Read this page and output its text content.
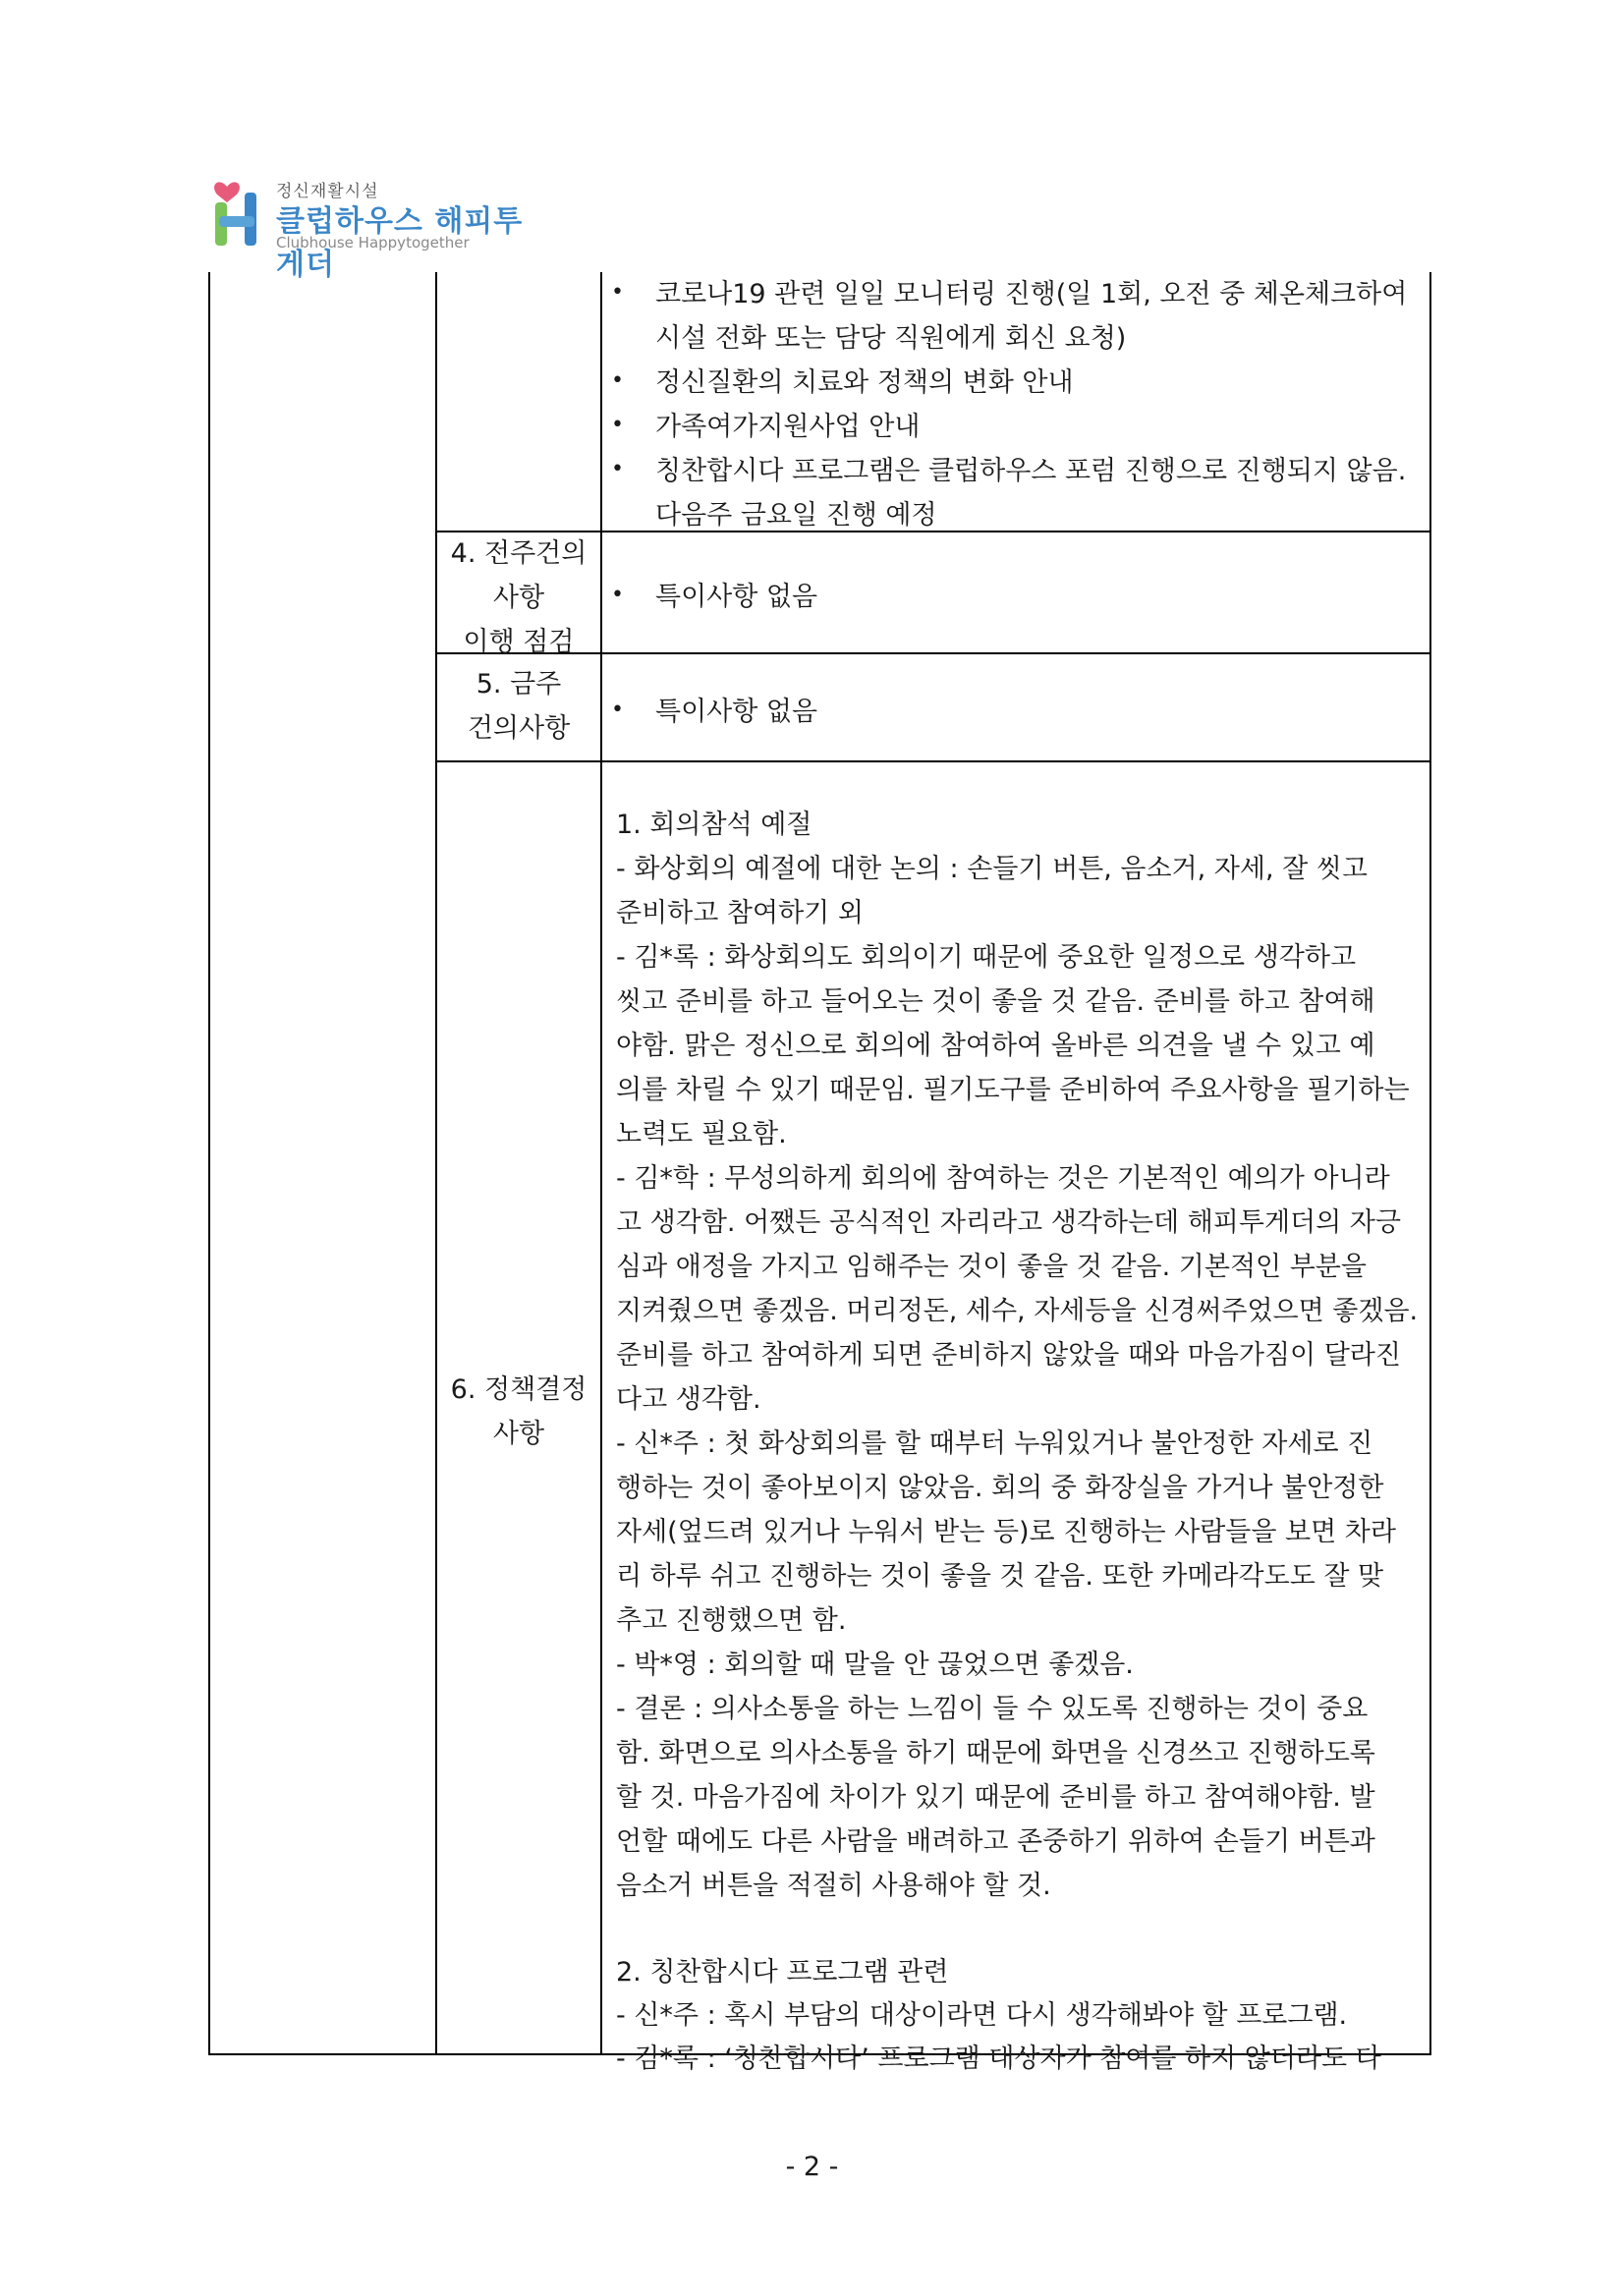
정신재활시설
클럽하우스 해피투게더
Clubhouse Happytogether
• 코로나19 관련 일일 모니터링 진행(일 1회, 오전 중 체온체크하여
시설 전화 또는 담당 직원에게 회신 요청)
• 정신질환의 치료와 정책의 변화 안내
• 가족여가지원사업 안내
• 칭찬합시다 프로그램은 클럽하우스 포럼 진행으로 진행되지 않음.
다음주 금요일 진행 예정
4. 전주건의
사항
이행 점검
• 특이사항 없음
5. 금주
건의사항
• 특이사항 없음
6. 정책결정
사항
1. 회의참석 예절
- 화상회의 예절에 대한 논의 : 손들기 버튼, 음소거, 자세, 잘 씻고
준비하고 참여하기 외
- 김*록 : 화상회의도 회의이기 때문에 중요한 일정으로 생각하고
씻고 준비를 하고 들어오는 것이 좋을 것 같음. 준비를 하고 참여해
야함. 맑은 정신으로 회의에 참여하여 올바른 의견을 낼 수 있고 예
의를 차릴 수 있기 때문임. 필기도구를 준비하여 주요사항을 필기하는
노력도 필요함.
- 김*학 : 무성의하게 회의에 참여하는 것은 기본적인 예의가 아니라
고 생각함. 어쨌든 공식적인 자리라고 생각하는데 해피투게더의 자긍
심과 애정을 가지고 임해주는 것이 좋을 것 같음. 기본적인 부분을
지켜줬으면 좋겠음. 머리정돈, 세수, 자세등을 신경써주었으면 좋겠음.
준비를 하고 참여하게 되면 준비하지 않았을 때와 마음가짐이 달라진
다고 생각함.
- 신*주 : 첫 화상회의를 할 때부터 누워있거나 불안정한 자세로 진
행하는 것이 좋아보이지 않았음. 회의 중 화장실을 가거나 불안정한
자세(엎드려 있거나 누워서 받는 등)로 진행하는 사람들을 보면 차라
리 하루 쉬고 진행하는 것이 좋을 것 같음. 또한 카메라각도도 잘 맞
추고 진행했으면 함.
- 박*영 : 회의할 때 말을 안 끊었으면 좋겠음.
- 결론 : 의사소통을 하는 느낌이 들 수 있도록 진행하는 것이 중요
함. 화면으로 의사소통을 하기 때문에 화면을 신경쓰고 진행하도록
할 것. 마음가짐에 차이가 있기 때문에 준비를 하고 참여해야함. 발
언할 때에도 다른 사람을 배려하고 존중하기 위하여 손들기 버튼과
음소거 버튼을 적절히 사용해야 할 것.
2. 칭찬합시다 프로그램 관련
- 신*주 : 혹시 부담의 대상이라면 다시 생각해봐야 할 프로그램.
- 김*록 : ‘칭찬합시다’ 프로그램 대상자가 참여를 하지 않더라도 다
- 2 -
